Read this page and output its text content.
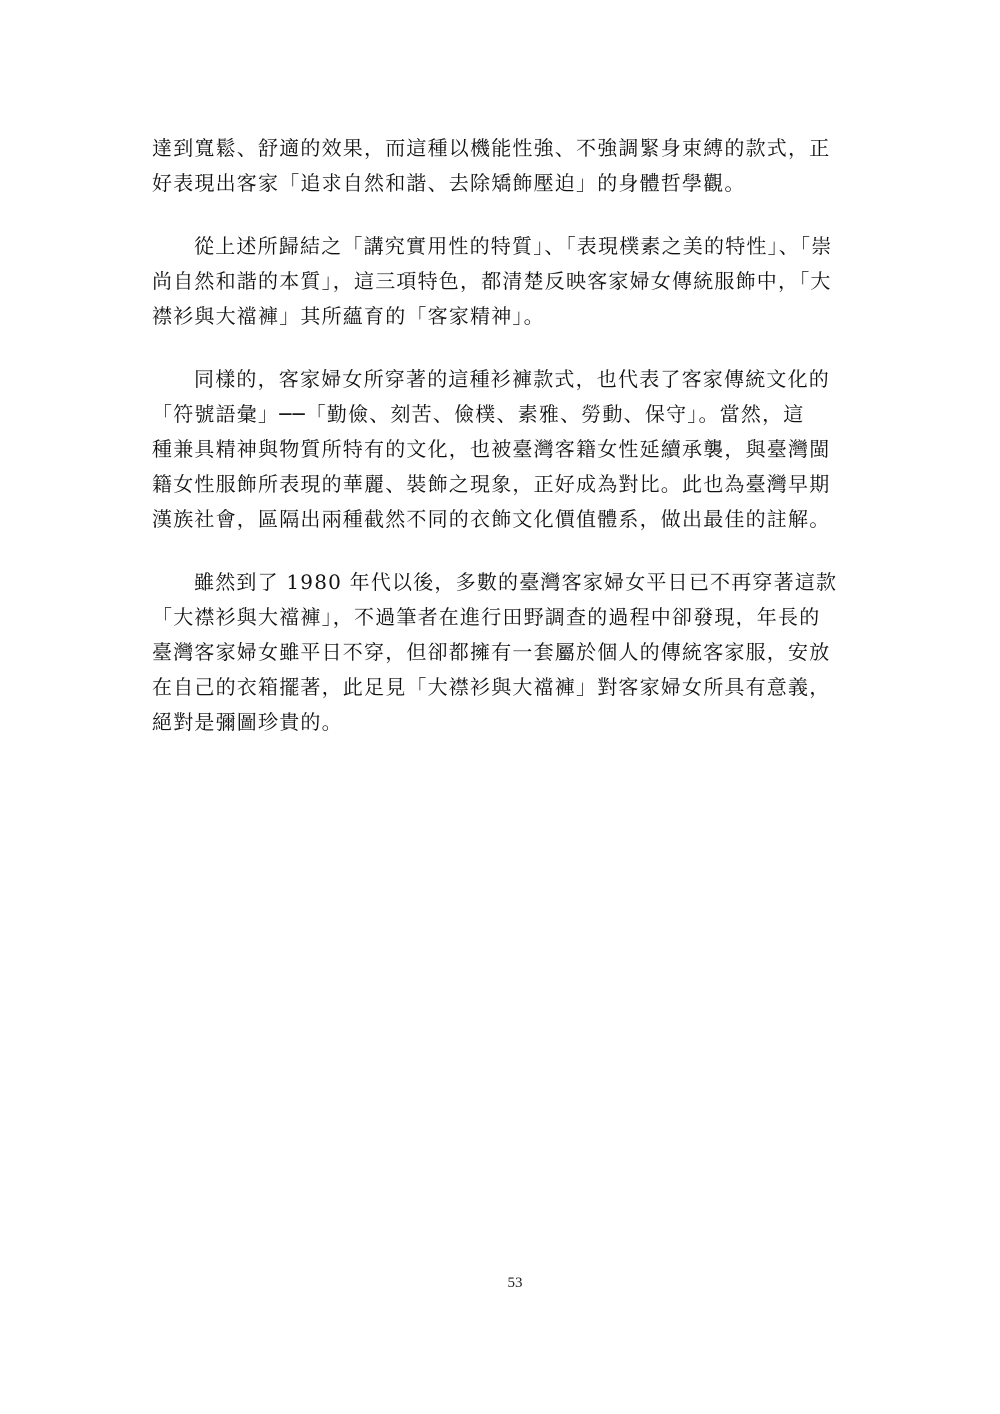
達到寬鬆、舒適的效果，而這種以機能性強、不強調緊身束縛的款式，正
好表現出客家「追求自然和諧、去除矯飾壓迫」的身體哲學觀。

從上述所歸結之「講究實用性的特質」、「表現樸素之美的特性」、「崇
尚自然和諧的本質」，這三項特色，都清楚反映客家婦女傳統服飾中，「大
襟衫與大襠褲」其所蘊育的「客家精神」。

同樣的，客家婦女所穿著的這種衫褲款式，也代表了客家傳統文化的
「符號語彙」──「勤儉、刻苦、儉樸、素雅、勞動、保守」。當然，這
種兼具精神與物質所特有的文化，也被臺灣客籍女性延續承襲，與臺灣閩
籍女性服飾所表現的華麗、裝飾之現象，正好成為對比。此也為臺灣早期
漢族社會，區隔出兩種截然不同的衣飾文化價值體系，做出最佳的註解。

雖然到了 1980 年代以後，多數的臺灣客家婦女平日已不再穿著這款
「大襟衫與大襠褲」，不過筆者在進行田野調查的過程中卻發現，年長的
臺灣客家婦女雖平日不穿，但卻都擁有一套屬於個人的傳統客家服，安放
在自己的衣箱擺著，此足見「大襟衫與大襠褲」對客家婦女所具有意義，
絕對是彌圖珍貴的。

53
